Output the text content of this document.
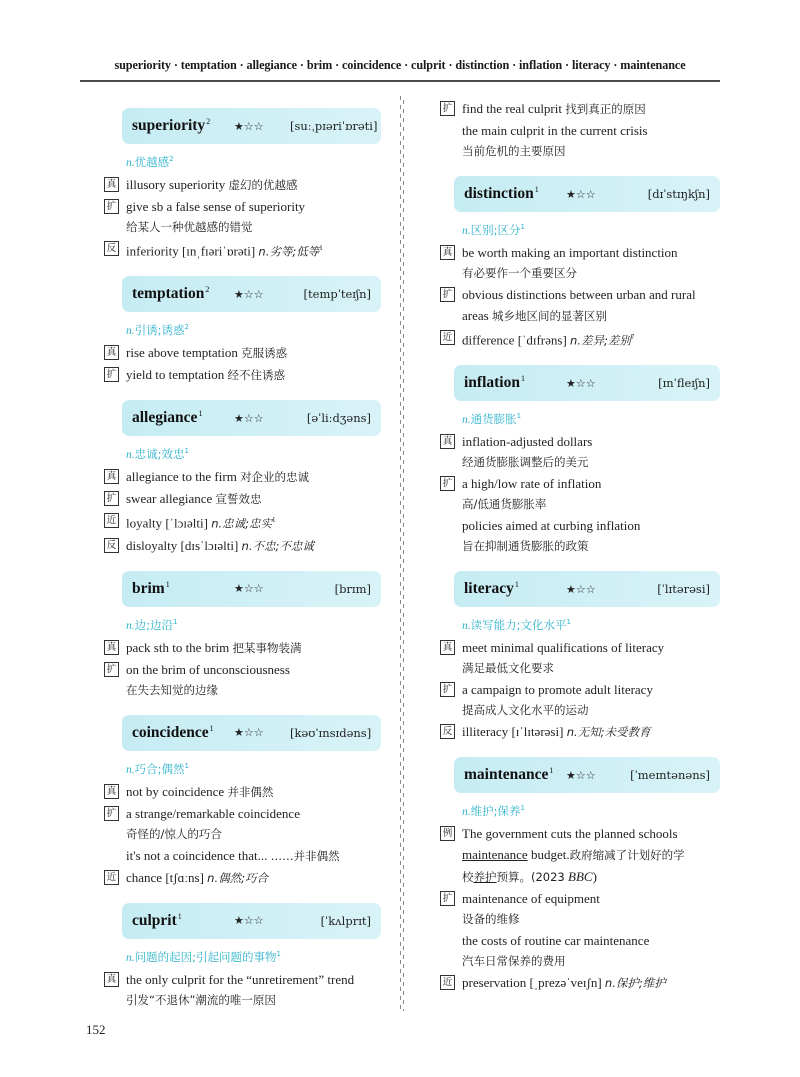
superiority · temptation · allegiance · brim · coincidence · culprit · distinction · inflation · literacy · maintenance
superiority$^2$	★☆☆	[suːˌpɪəriˈɒrəti]
n.优越感$^2$
真 illusory superiority 虚幻的优越感
扩 give sb a false sense of superiority
给某人一种优越感的错觉
反 inferiority [ɪnˌfɪəriˈɒrəti] n.劣等;低等$^1$
temptation$^2$	★☆☆	[tempˈteɪʃn]
n.引诱;诱惑$^2$
真 rise above temptation 克服诱惑
扩 yield to temptation 经不住诱惑
allegiance$^1$	★☆☆	[əˈliːdʒəns]
n.忠诚;效忠$^1$
真 allegiance to the firm 对企业的忠诚
扩 swear allegiance 宣誓效忠
近 loyalty [ˈlɔɪəlti] n.忠诚;忠实$^1$
反 disloyalty [dɪsˈlɔɪəlti] n.不忠;不忠诚
brim$^1$	★☆☆	[brɪm]
n.边;边沿$^1$
真 pack sth to the brim 把某事物装满
扩 on the brim of unconsciousness
在失去知觉的边缘
coincidence$^1$	★☆☆	[kəʊˈɪnsɪdəns]
n.巧合;偶然$^1$
真 not by coincidence 并非偶然
扩 a strange/remarkable coincidence
奇怪的/惊人的巧合
it's not a coincidence that... ……并非偶然
近 chance [tʃɑːns] n.偶然;巧合
culprit$^1$	★☆☆	[ˈkʌlprɪt]
n.问题的起因;引起问题的事物$^1$
真 the only culprit for the “unretirement” trend
引发“不退休”潮流的唯一原因
扩 find the real culprit 找到真正的原因
the main culprit in the current crisis
当前危机的主要原因
distinction$^1$	★☆☆	[dɪˈstɪŋkʃn]
n.区别;区分$^1$
真 be worth making an important distinction
有必要作一个重要区分
扩 obvious distinctions between urban and rural
areas 城乡地区间的显著区别
近 difference [ˈdɪfrəns] n.差异;差别$^7$
inflation$^1$	★☆☆	[ɪnˈfleɪʃn]
n.通货膨胀$^1$
真 inflation-adjusted dollars
经通货膨胀调整后的美元
扩 a high/low rate of inflation
高/低通货膨胀率
policies aimed at curbing inflation
旨在抑制通货膨胀的政策
literacy$^1$	★☆☆	[ˈlɪtərəsi]
n.读写能力;文化水平$^1$
真 meet minimal qualifications of literacy
满足最低文化要求
扩 a campaign to promote adult literacy
提高成人文化水平的运动
反 illiteracy [ɪˈlɪtərəsi] n.无知;未受教育
maintenance$^1$	★☆☆	[ˈmeɪntənəns]
n.维护;保养$^1$
例 The government cuts the planned schools
maintenance budget.政府缩减了计划好的学
校养护预算。(2023 BBC)
扩 maintenance of equipment
设备的维修
the costs of routine car maintenance
汽车日常保养的费用
近 preservation [ˌprezəˈveɪʃn] n.保护;维护
152
